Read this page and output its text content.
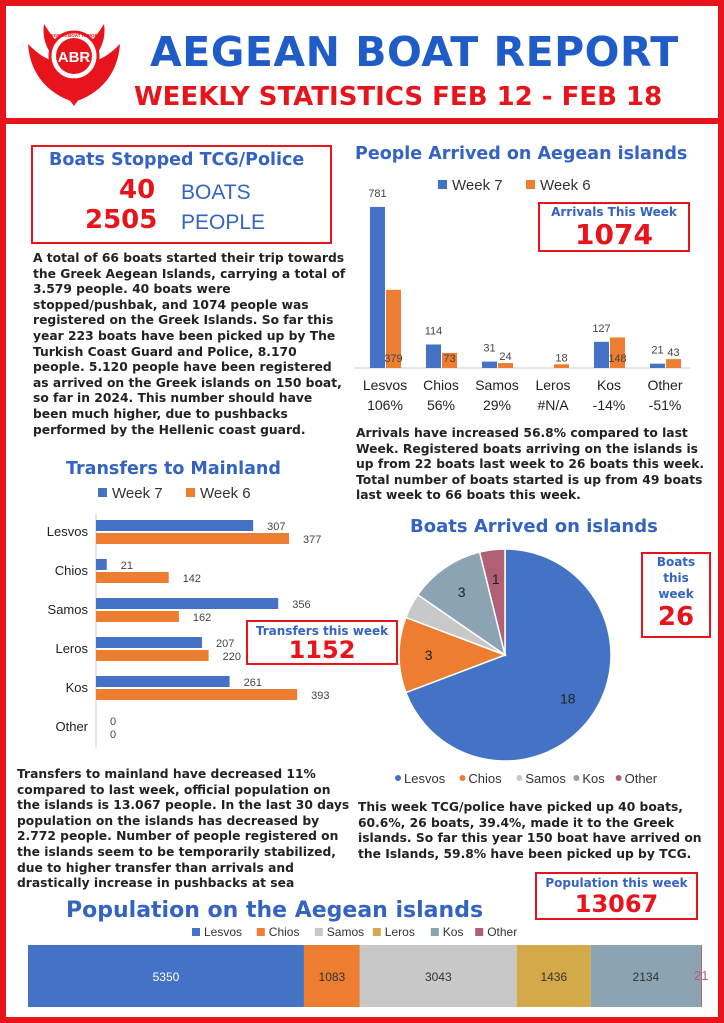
ABR
AEGEAN BOAT REPORT AEGEAN BOAT REPORT
WEEKLY STATISTICS FEB 12 - FEB 18
Boats Stopped TCG/Police
40 BOATS
2505 PEOPLE
A total of 66 boats started their trip towards the Greek Aegean Islands, carrying a total of 3.579 people. 40 boats were stopped/pushbak, and 1074 people was registered on the Greek Islands. So far this year 223 boats have been picked up by The Turkish Coast Guard and Police, 8.170 people. 5.120 people have been registered as arrived on the Greek islands on 150 boat, so far in 2024. This number should have been much higher, due to pushbacks performed by the Hellenic coast guard.
People Arrived on Aegean islands
Week 7 Week 6
781
379
Lesvos
106%
114
73
Chios
56%
31
24
Samos
29%
18
Leros
#N/A
127
148
Kos
-14%
21 43
Other
-51%
Arrivals This Week
1074
Arrivals have increased 56.8% compared to last Week. Registered boats arriving on the islands is up from 22 boats last week to 26 boats this week. Total number of boats started is up from 49 boats last week to 66 boats this week.
Transfers to Mainland
Week 7 Week 6
Lesvos	307
377
Chios	21
142
Samos	356
162
Leros	207
220
Kos	261
393
Other 0
0
Transfers this week
1152
Transfers to mainland have decreased 11% compared to last week, official population on the islands is 13.067 people. In the last 30 days population on the islands has decreased by 2.772 people. Number of people registered on the islands seem to be temporarily stabilized, due to higher transfer than arrivals and drastically increase in pushbacks at sea
Boats Arrived on islands
18
3
3
1
Lesvos Chios Samos Kos Other
Boats
this
week
26
This week TCG/police have picked up 40 boats, 60.6%, 26 boats, 39.4%, made it to the Greek islands. So far this year 150 boat have arrived on the Islands, 59.8% have been picked up by TCG.
Population this week
13067
Population on the Aegean islands
Lesvos Chios Samos Leros Kos Other
5350	1083	3043	1436	2134	21
